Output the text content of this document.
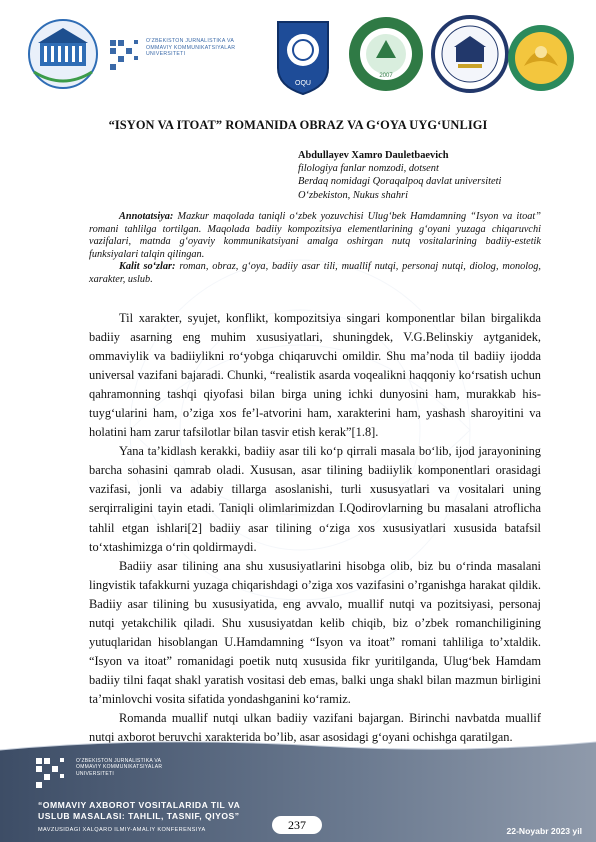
O'ZBEKISTON JURNALISTIKA VA
OMMAVIY KOMMUNIKATSIYALAR
UNIVERSITETI
OQU
2007
“ISYON VA ITOAT” ROMANIDA OBRAZ VA G‘OYA UYG‘UNLIGI
Abdullayev Xamro Dauletbaevich
filologiya fanlar nomzodi, dotsent
Berdaq nomidagi Qoraqalpoq davlat universiteti
O‘zbekiston, Nukus shahri

Annotatsiya: Mazkur maqolada taniqli o‘zbek yozuvchisi Ulug‘bek Hamdamning “Isyon va itoat” romani tahlilga tortilgan. Maqolada badiiy kompozitsiya elementlarining g‘oyani yuzaga chiqaruvchi vazifalari, matnda g‘oyaviy kommunikatsiyani amalga oshirgan nutq vositalarining badiiy-estetik funksiyalari talqin qilingan.

Kalit so‘zlar: roman, obraz, g‘oya, badiiy asar tili, muallif nutqi, personaj nutqi, diolog, monolog, xarakter, uslub.

Til xarakter, syujet, konflikt, kompozitsiya singari komponentlar bilan birgalikda badiiy asarning eng muhim xususiyatlari, shuningdek, V.G.Belinskiy aytganidek, ommaviylik va badiiylikni ro‘yobga chiqaruvchi omildir. Shu ma’noda til badiiy ijodda universal vazifani bajaradi. Chunki, “realistik asarda voqealikni haqqoniy ko‘rsatish uchun qahramonning tashqi qiyofasi bilan birga uning ichki dunyosini ham, murakkab his-tuyg‘ularini ham, o’ziga xos fe’l-atvorini ham, xarakterini ham, yashash sharoyitini va holatini ham zarur tafsilotlar bilan tasvir etish kerak”[1.8].

Yana ta’kidlash kerakki, badiiy asar tili ko‘p qirrali masala bo‘lib, ijod jarayonining barcha sohasini qamrab oladi. Xususan, asar tilining badiiylik komponentlari orasidagi vazifasi, jonli va adabiy tillarga asoslanishi, turli xususyatlari va vositalari uning serqirraligini tayin etadi. Taniqli olimlarimizdan I.Qodirovlarning bu masalani atroflicha tahlil etgan ishlari[2] badiiy asar tilining o‘ziga xos xususiyatlari xususida batafsil to‘xtashimizga o‘rin qoldirmaydi.

Badiiy asar tilining ana shu xususiyatlarini hisobga olib, biz bu o‘rinda masalani lingvistik tafakkurni yuzaga chiqarishdagi o’ziga xos vazifasini o’rganishga harakat qildik. Badiiy asar tilining bu xususiyatida, eng avvalo, muallif nutqi va pozitsiyasi, personaj nutqi yetakchilik qiladi. Shu xususiyatdan kelib chiqib, biz o’zbek romanchiligining yutuqlaridan hisoblangan U.Hamdamning “Isyon va itoat” romani tahliliga to’xtaldik. “Isyon va itoat” romanidagi poetik nutq xususida fikr yuritilganda, Ulug‘bek Hamdam badiiy tilni faqat shakl yaratish vositasi deb emas, balki unga shakl bilan mazmun birligini ta’minlovchi vosita sifatida yondashganini ko‘ramiz.

Romanda muallif nutqi ulkan badiiy vazifani bajargan. Birinchi navbatda muallif nutqi axborot beruvchi xarakterida bo’lib, asar asosidagi g‘oyani ochishga qaratilgan.

O'ZBEKISTON JURNALISTIKA VA
OMMAVIY KOMMUNIKATSIYALAR
UNIVERSITETI
“OMMAVIY AXBOROT VOSITALARIDA TIL VA
USLUB MASALASI: TAHLIL, TASNIF, QIYOS”
MAVZUSIDAGI XALQARO ILMIY-AMALIY KONFERENSIYA	237	22-Noyabr 2023 yil
